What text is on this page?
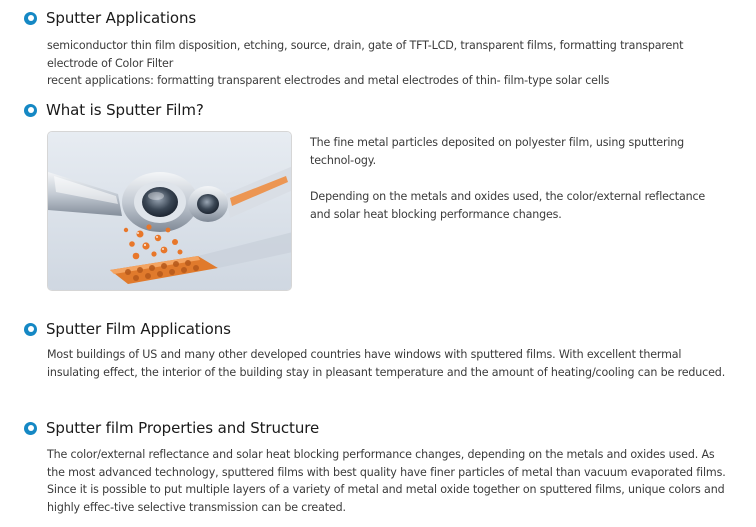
Sputter Applications

semiconductor thin film disposition, etching, source, drain, gate of TFT-LCD, transparent films, formatting transparent electrode of Color Filter

recent applications: formatting transparent electrodes and metal electrodes of thin- film-type solar cells

What is Sputter Film?

The fine metal particles deposited on polyester film, using sputtering technol-ogy.

Depending on the metals and oxides used, the color/external reflectance and solar heat blocking performance changes.

Sputter Film Applications

Most buildings of US and many other developed countries have windows with sputtered films. With excellent thermal insulating effect, the interior of the building stay in pleasant temperature and the amount of heating/cooling can be reduced.

Sputter film Properties and Structure

The color/external reflectance and solar heat blocking performance changes, depending on the metals and oxides used. As the most advanced technology, sputtered films with best quality have finer particles of metal than vacuum evaporated films. Since it is possible to put multiple layers of a variety of metal and metal oxide together on sputtered films, unique colors and highly effec-tive selective transmission can be created.
